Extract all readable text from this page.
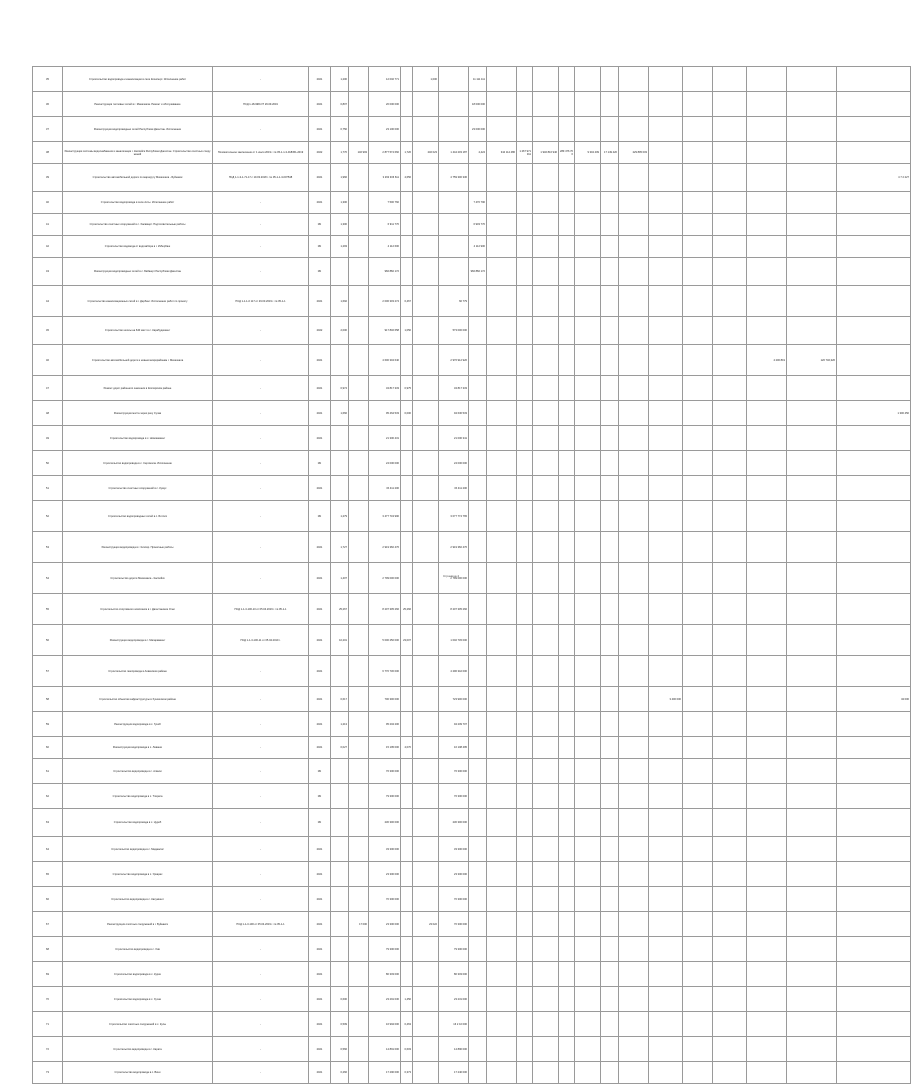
35	Строительство водопровода и канализации в селе Кизилюрт. Исполнение работ	-	2021	1,200		12 002 771		1,000		11 111 111																	
36	Реконструкция тепловых сетей в г. Махачкала. Ремонт и обслуживание	ПСД 1-18-998-ОТ 29.09.2019	2021	0,807		20 000 000				18 000 000																	
37	Реконструкция водопроводных сетей Республики Дагестан. Исполнение	-	2021	0,750		23 100 000				23 000 000																	
38	Реконструкция системы водоснабжения и канализации г. Каспийск Республики Дагестан. Строительство очистных сооружений	Положительное заключение от 1 июля 2019 г. № 05-1-1-3-018451-2019	2022	1,770	146 993	2 877 574 660	1,726	246 023	1 444 203 187	4,424	344 114 486	1 267 971 311	1 946 816 946	289 476 700	9 304 409	17 149 420	229 895 003										
39	Строительство автомобильной дороги по маршруту Махачкала - Буйнакск	ПСД 1-1-3-1-71-17 с 19.03.2018 г. № 05-1-1-3-007548	2021	1,966		3 263 306 611	4,656		4 759 300 336														4 7 2 227				
40	Строительство водопровода в селе Ахты. Исполнение работ	-	2021	1,300		7 500 760				7 470 790																	
41	Строительство очистных сооружений в с. Хасавюрт. Подготовительные работы	-	ИК	1,300		6 911 770				6 903 770																	
42	Строительство водовода от водозабора в г. Избербаш	-	ИК	1,293		4 112 600				4 112 900																	
43	Реконструкция водопроводных сетей в с. Бабаюрт Республики Дагестан	-	ИК			966 882 172				966 882 172																	
44	Строительство канализационных сетей в г. Дербент. Исполнение работ по проекту	ПСД 1-1-1-0 117 от 29.03.2019 г. № 05-1-1	2021	1,692		2 006 303 274	6,467		60 779																		
45	Строительство школы на 640 мест в с. Карабудахкент	-	2022	2,000		917 846 658	1,050		573 000 000																		
46	Строительство автомобильной дороги к новым микрорайонам г. Махачкала	-	2021			4 600 304 640			2 976 912 926												4 200 819	120 746,326					
47	Ремонт дорог районного значения в Кизлярском районе	-	2021	0,974		34 817 333	0,975		34 817 333																		
48	Реконструкция моста через реку Сулак	-	2021	1,666		95 464 533	0,000		94 630 533														1 300 450				
49	Строительство водопровода в с. Новокаякент	-	2021			21 300 431			21 000 341																		
50	Строительство водопровода в с. Сергокала. Исполнение	-	ИК			24 000 000			24 000 000																		
51	Строительство очистных сооружений в с. Кумух	-	2021			15 411 200			15 411 200																		
52	Строительство водопроводных сетей в с. Ботлих	-	ИК	1,279		3 477 743 990			3 077 774 765																		
53	Реконструкция водопровода в г. Кизляр. Проектные работы	-	2021	1,727		2 919 360 476			2 919 360 476																		
54	Строительство дороги Махачкала - Каспийск	-	2021	1,407		2 799 000 000			2 799 000 000																		
55	Строительство спортивного комплекса в г. Дагестанские Огни	ПСД 1-1-3-100-10 от 05.04.2019 г. № 05-1-1	2021	25,267		8 207 305 266	25,266		8 207 305 266																		
56	Реконструкция водопровода в с. Магарамкент	ПСД 1-1-3-100-11 от 05.04.2019 г.	2021	10,201		5 000 250 000	23,007		1 002 745 000																		
57	Строительство газопровода в Ахвахском районе	-	2021			6 770 730 000			4 296 342 000																		
58	Строительство объектов инфраструктуры в Хунзахском районе	-	2021	0,617		700 300 000			723 900 000									3 400 000					34 000				
59	Реконструкция водопровода в с. Гуниб	-	2021	1,213		95 204 200			94 209 707																		
60	Реконструкция водопровода в с. Леваши	-	2021	0,027		15 195 000	4,070		16 108 495																		
61	Строительство водопровода в с. Агвали	-	ИК			76 300 000			76 300 000																		
62	Строительство водопровода в с. Тлярата	-	ИК			79 300 000			76 300 000																		
63	Строительство водопровода в с. Цуриб	-	ИК			230 300 000			230 300 000																		
64	Строительство водопровода в с. Маджалис	-	2021			33 300 000			33 300 000																		
65	Строительство водопровода в с. Уркарах	-	2021			23 300 000			23 300 000																		
66	Строительство водопровода в с. Касумкент	-	2021			70 300 000			70 300 000																		
67	Реконструкция очистных сооружений в г. Буйнакск	ПСД 1-1-3-100 от 05.04.2019 г. № 05-1-1	2021		17 000	23 300 000		23 022	70 300 000																		
68	Строительство водопровода в с. Хив	-	2021			79 300 000			79 300 000																		
69	Строительство водопровода в с. Курах	-	2021			80 303 000			80 303 000																		
70	Строительство водопровода в с. Хучни	-	2021	0,600		23 291 030	1,450		23 231 000																		
71	Строительство очистных сооружений в с. Кулы	-	2021	0,509		16 994 000	0,463		16 2 10 000																		
72	Строительство водопровода в с. Карата	-	2021	0,566		14 891 000	0,603		14 890 000																		
73	Строительство водопровода в с. Вачи	-	2021	0,266		17 290 000	0,373		17 240 000																		
Страница 4
